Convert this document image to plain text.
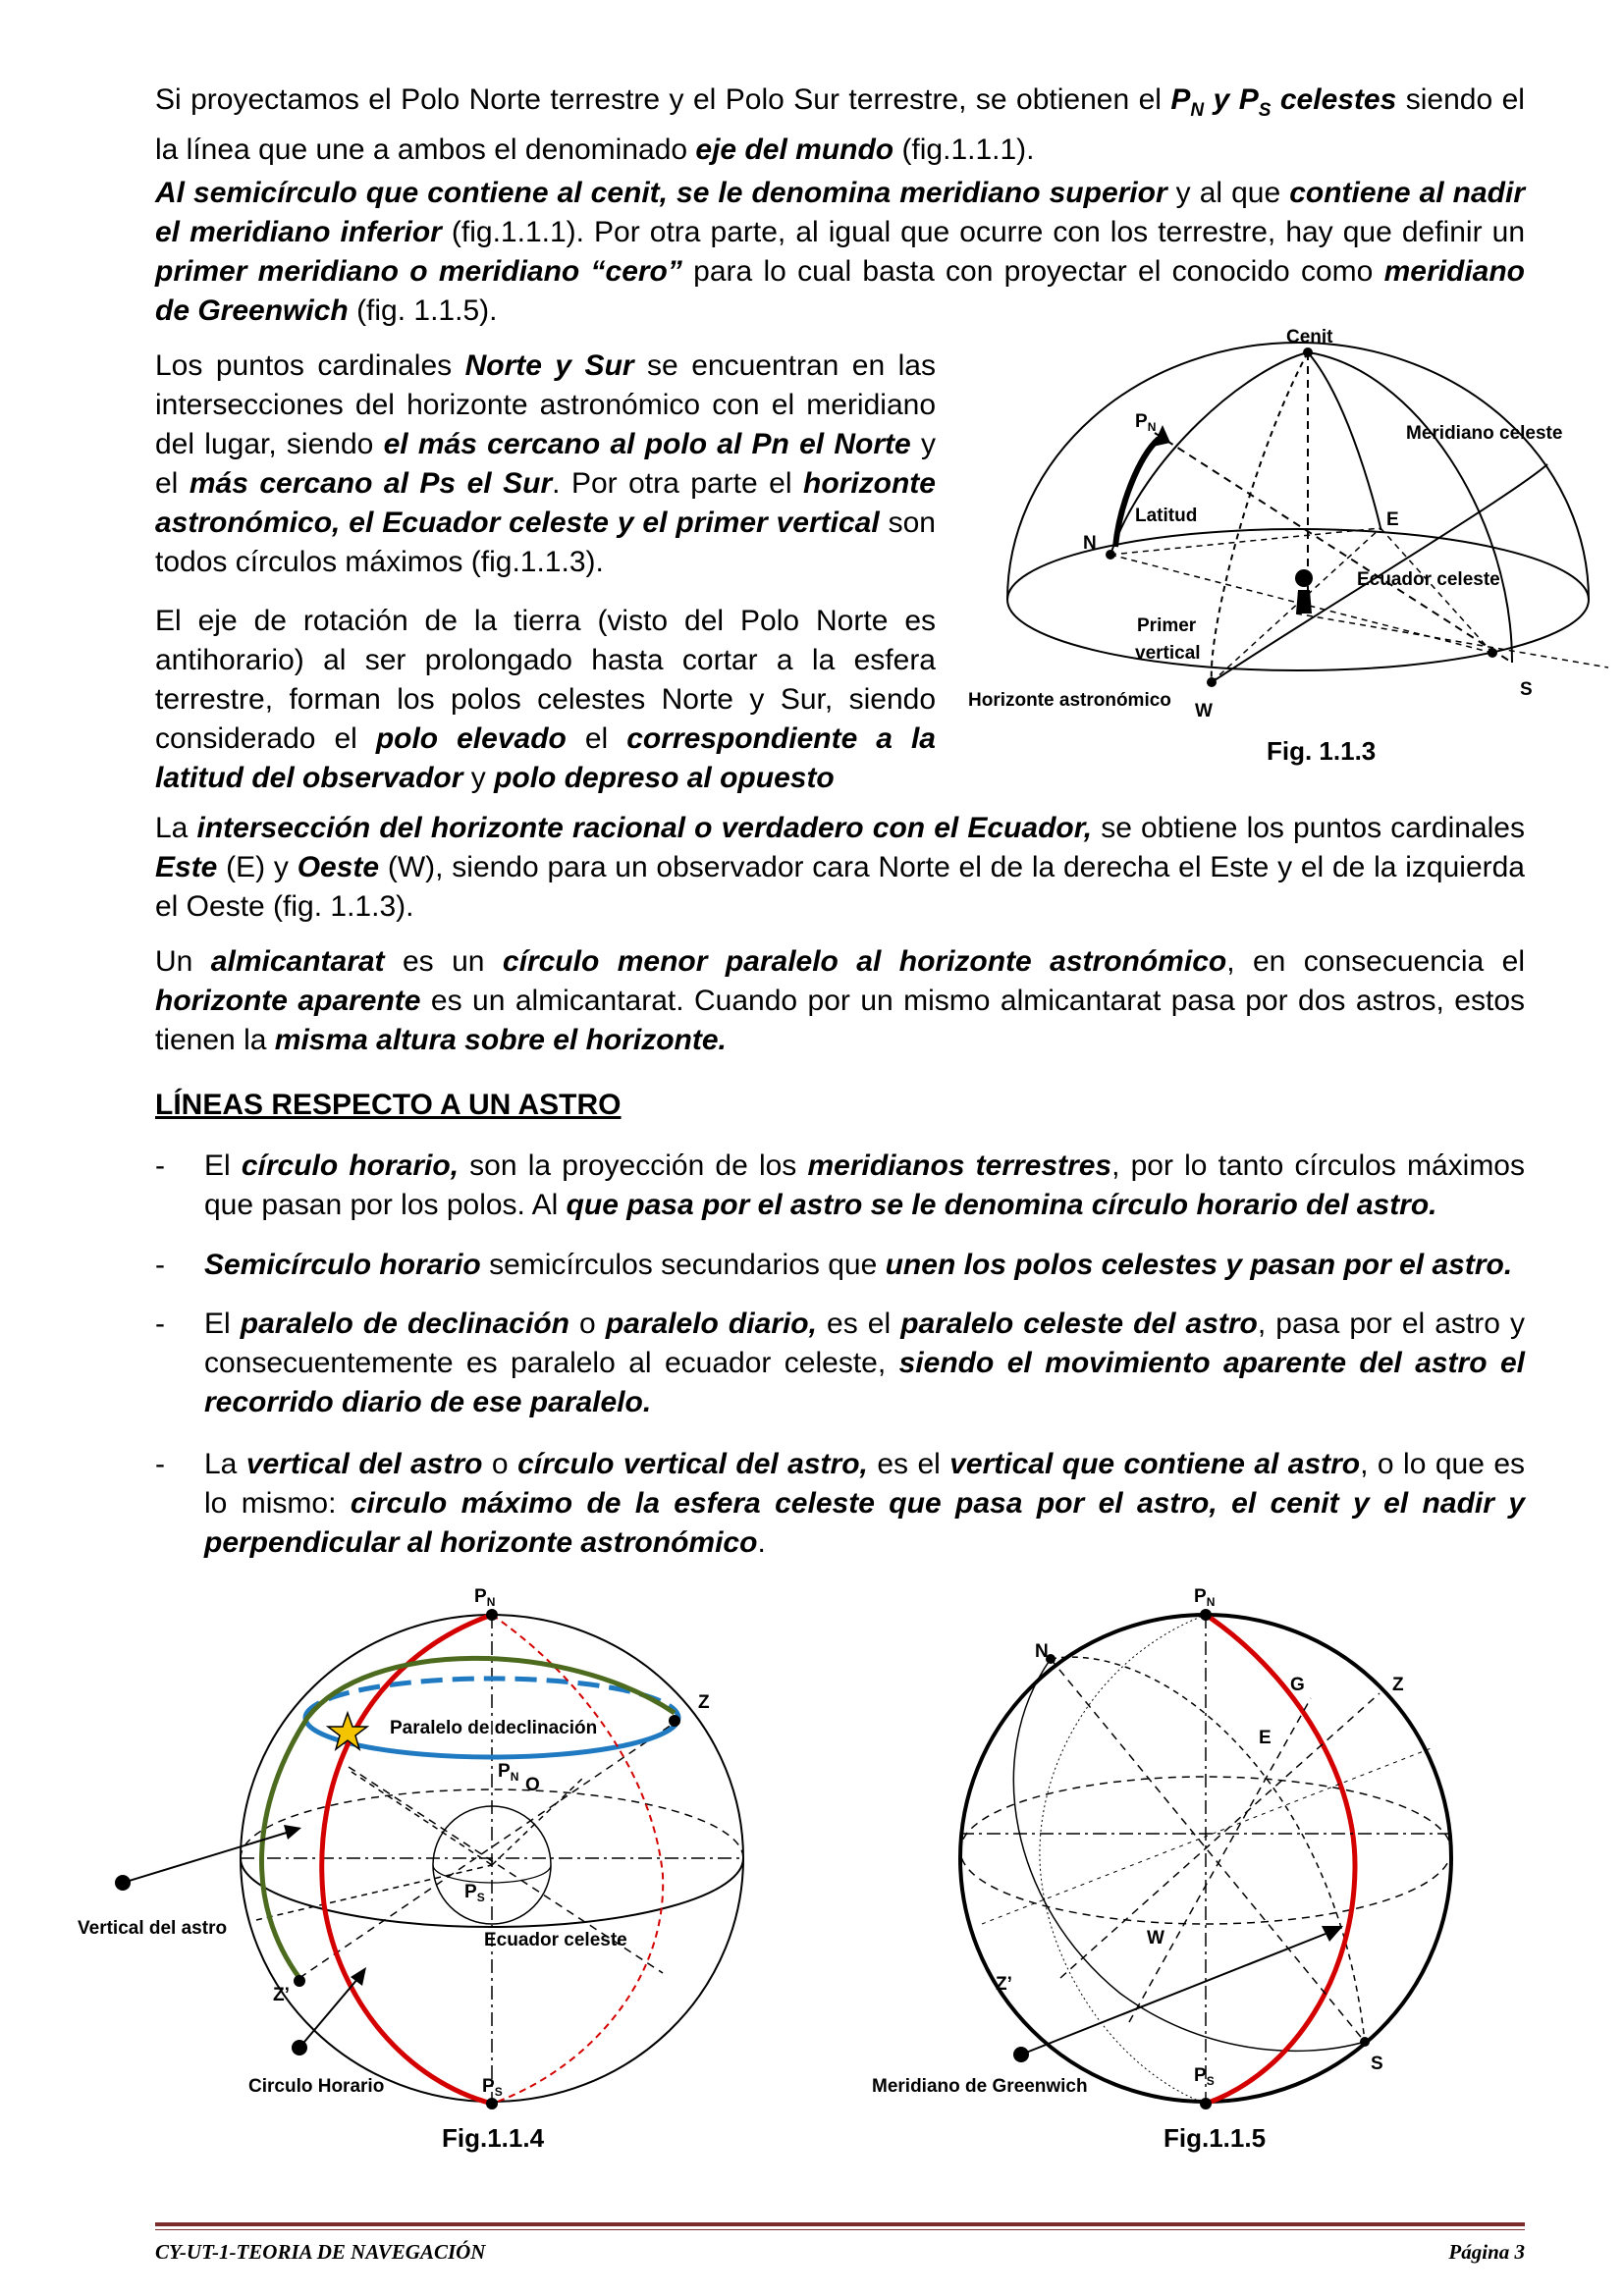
Si proyectamos el Polo Norte terrestre y el Polo Sur terrestre, se obtienen el $P_N$ y $P_S$ celestes siendo el la línea que une a ambos el denominado eje del mundo (fig.1.1.1).

Al semicírculo que contiene al cenit, se le denomina meridiano superior y al que contiene al nadir el meridiano inferior (fig.1.1.1). Por otra parte, al igual que ocurre con los terrestre, hay que definir un primer meridiano o meridiano “cero” para lo cual basta con proyectar el conocido como meridiano de Greenwich (fig. 1.1.5).

Los puntos cardinales Norte y Sur se encuentran en las intersecciones del horizonte astronómico con el meridiano del lugar, siendo el más cercano al polo al Pn el Norte y el más cercano al Ps el Sur. Por otra parte el horizonte astronómico, el Ecuador celeste y el primer vertical son todos círculos máximos (fig.1.1.3).

El eje de rotación de la tierra (visto del Polo Norte es antihorario) al ser prolongado hasta cortar a la esfera terrestre, forman los polos celestes Norte y Sur, siendo considerado el polo elevado el correspondiente a la latitud del observador y polo depreso al opuesto

Cenit
$P_N$	Meridiano celeste
Latitud
N
E
Ecuador celeste
Primer
vertical
Horizonte astronómico
W
S
Fig. 1.1.3

La intersección del horizonte racional o verdadero con el Ecuador, se obtiene los puntos cardinales Este (E) y Oeste (W), siendo para un observador cara Norte el de la derecha el Este y el de la izquierda el Oeste (fig. 1.1.3).

Un almicantarat es un círculo menor paralelo al horizonte astronómico, en consecuencia el horizonte aparente es un almicantarat. Cuando por un mismo almicantarat pasa por dos astros, estos tienen la misma altura sobre el horizonte.

LÍNEAS RESPECTO A UN ASTRO
- El círculo horario, son la proyección de los meridianos terrestres, por lo tanto círculos máximos que pasan por los polos. Al que pasa por el astro se le denomina círculo horario del astro.

- Semicírculo horario semicírculos secundarios que unen los polos celestes y pasan por el astro.

- El paralelo de declinación o paralelo diario, es el paralelo celeste del astro, pasa por el astro y consecuentemente es paralelo al ecuador celeste, siendo el movimiento aparente del astro el recorrido diario de ese paralelo.

- La vertical del astro o círculo vertical del astro, es el vertical que contiene al astro, o lo que es lo mismo: circulo máximo de la esfera celeste que pasa por el astro, el cenit y el nadir y perpendicular al horizonte astronómico.

$P_N$
Z
Paralelo de declinación
$P_N$ O
$P_S$
Vertical del astro
Ecuador celeste
Z’
Circulo Horario	$P_S$
Fig.1.1.4
$P_N$
N
G	Z
E
W
Z’
S
$P_S$
Meridiano de Greenwich
Fig.1.1.5
CY-UT-1-TEORIA DE NAVEGACIÓN	Página 3
